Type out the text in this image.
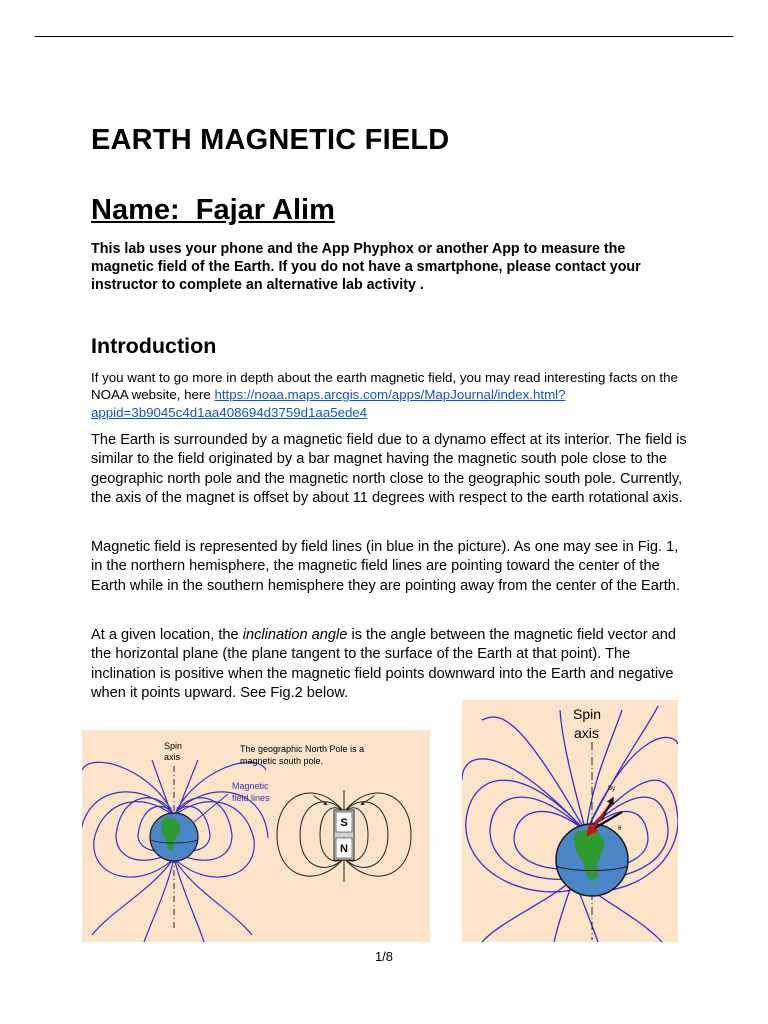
EARTH MAGNETIC FIELD
Name:  Fajar Alim

This lab uses your phone and the App Phyphox or another App to measure the magnetic field of the Earth. If you do not have a smartphone, please contact your instructor to complete an alternative lab activity .

Introduction

If you want to go more in depth about the earth magnetic field, you may read interesting facts on the NOAA website, here https://noaa.maps.arcgis.com/apps/MapJournal/index.html?appid=3b9045c4d1aa408694d3759d1aa5ede4

The Earth is surrounded by a magnetic field due to a dynamo effect at its interior. The field is similar to the field originated by a bar magnet having the magnetic south pole close to the geographic north pole and the magnetic north close to the geographic south pole. Currently, the axis of the magnet is offset by about 11 degrees with respect to the earth rotational axis.

Magnetic field is represented by field lines (in blue in the picture). As one may see in Fig. 1, in the northern hemisphere, the magnetic field lines are pointing toward the center of the Earth while in the southern hemisphere they are pointing away from the center of the Earth.

At a given location, the inclination angle is the angle between the magnetic field vector and the horizontal plane (the plane tangent to the surface of the Earth at that point). The inclination is positive when the magnetic field points downward into the Earth and negative when it points upward. See Fig.2 below.

Spin
axis
The geographic North Pole is a
magnetic south pole.
Magnetic
field lines
S
N
Spin
axis
By
θ
1/8
